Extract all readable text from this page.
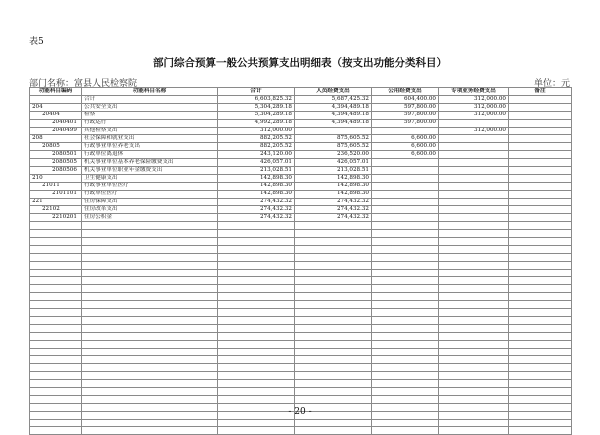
表5
部门综合预算一般公共预算支出明细表（按支出功能分类科目）
部门名称：富县人民检察院	单位：元
功能科目编码	功能科目名称	合计	人员经费支出	公用经费支出	专项业务经费支出	备注
	合计	6,603,825.32	5,687,425.32	604,400.00	312,000.00	
204	公共安全支出	5,304,289.18	4,394,489.18	597,800.00	312,000.00	
20404	检察	5,304,289.18	4,394,489.18	597,800.00	312,000.00	
2040401	行政运行	4,992,289.18	4,394,489.18	597,800.00		
2040499	其他检察支出	312,000.00			312,000.00	
208	社会保障和就业支出	882,205.52	875,605.52	6,600.00		
20805	行政事业单位养老支出	882,205.52	875,605.52	6,600.00		
2080501	行政单位离退休	243,120.00	236,520.00	6,600.00		
2080505	机关事业单位基本养老保险缴费支出	426,057.01	426,057.01			
2080506	机关事业单位职业年金缴费支出	213,028.51	213,028.51			
210	卫生健康支出	142,898.30	142,898.30			
21011	行政事业单位医疗	142,898.30	142,898.30			
2101101	行政单位医疗	142,898.30	142,898.30			
221	住房保障支出	274,432.32	274,432.32			
22102	住房改革支出	274,432.32	274,432.32			
2210201	住房公积金	274,432.32	274,432.32			

- 20 -
